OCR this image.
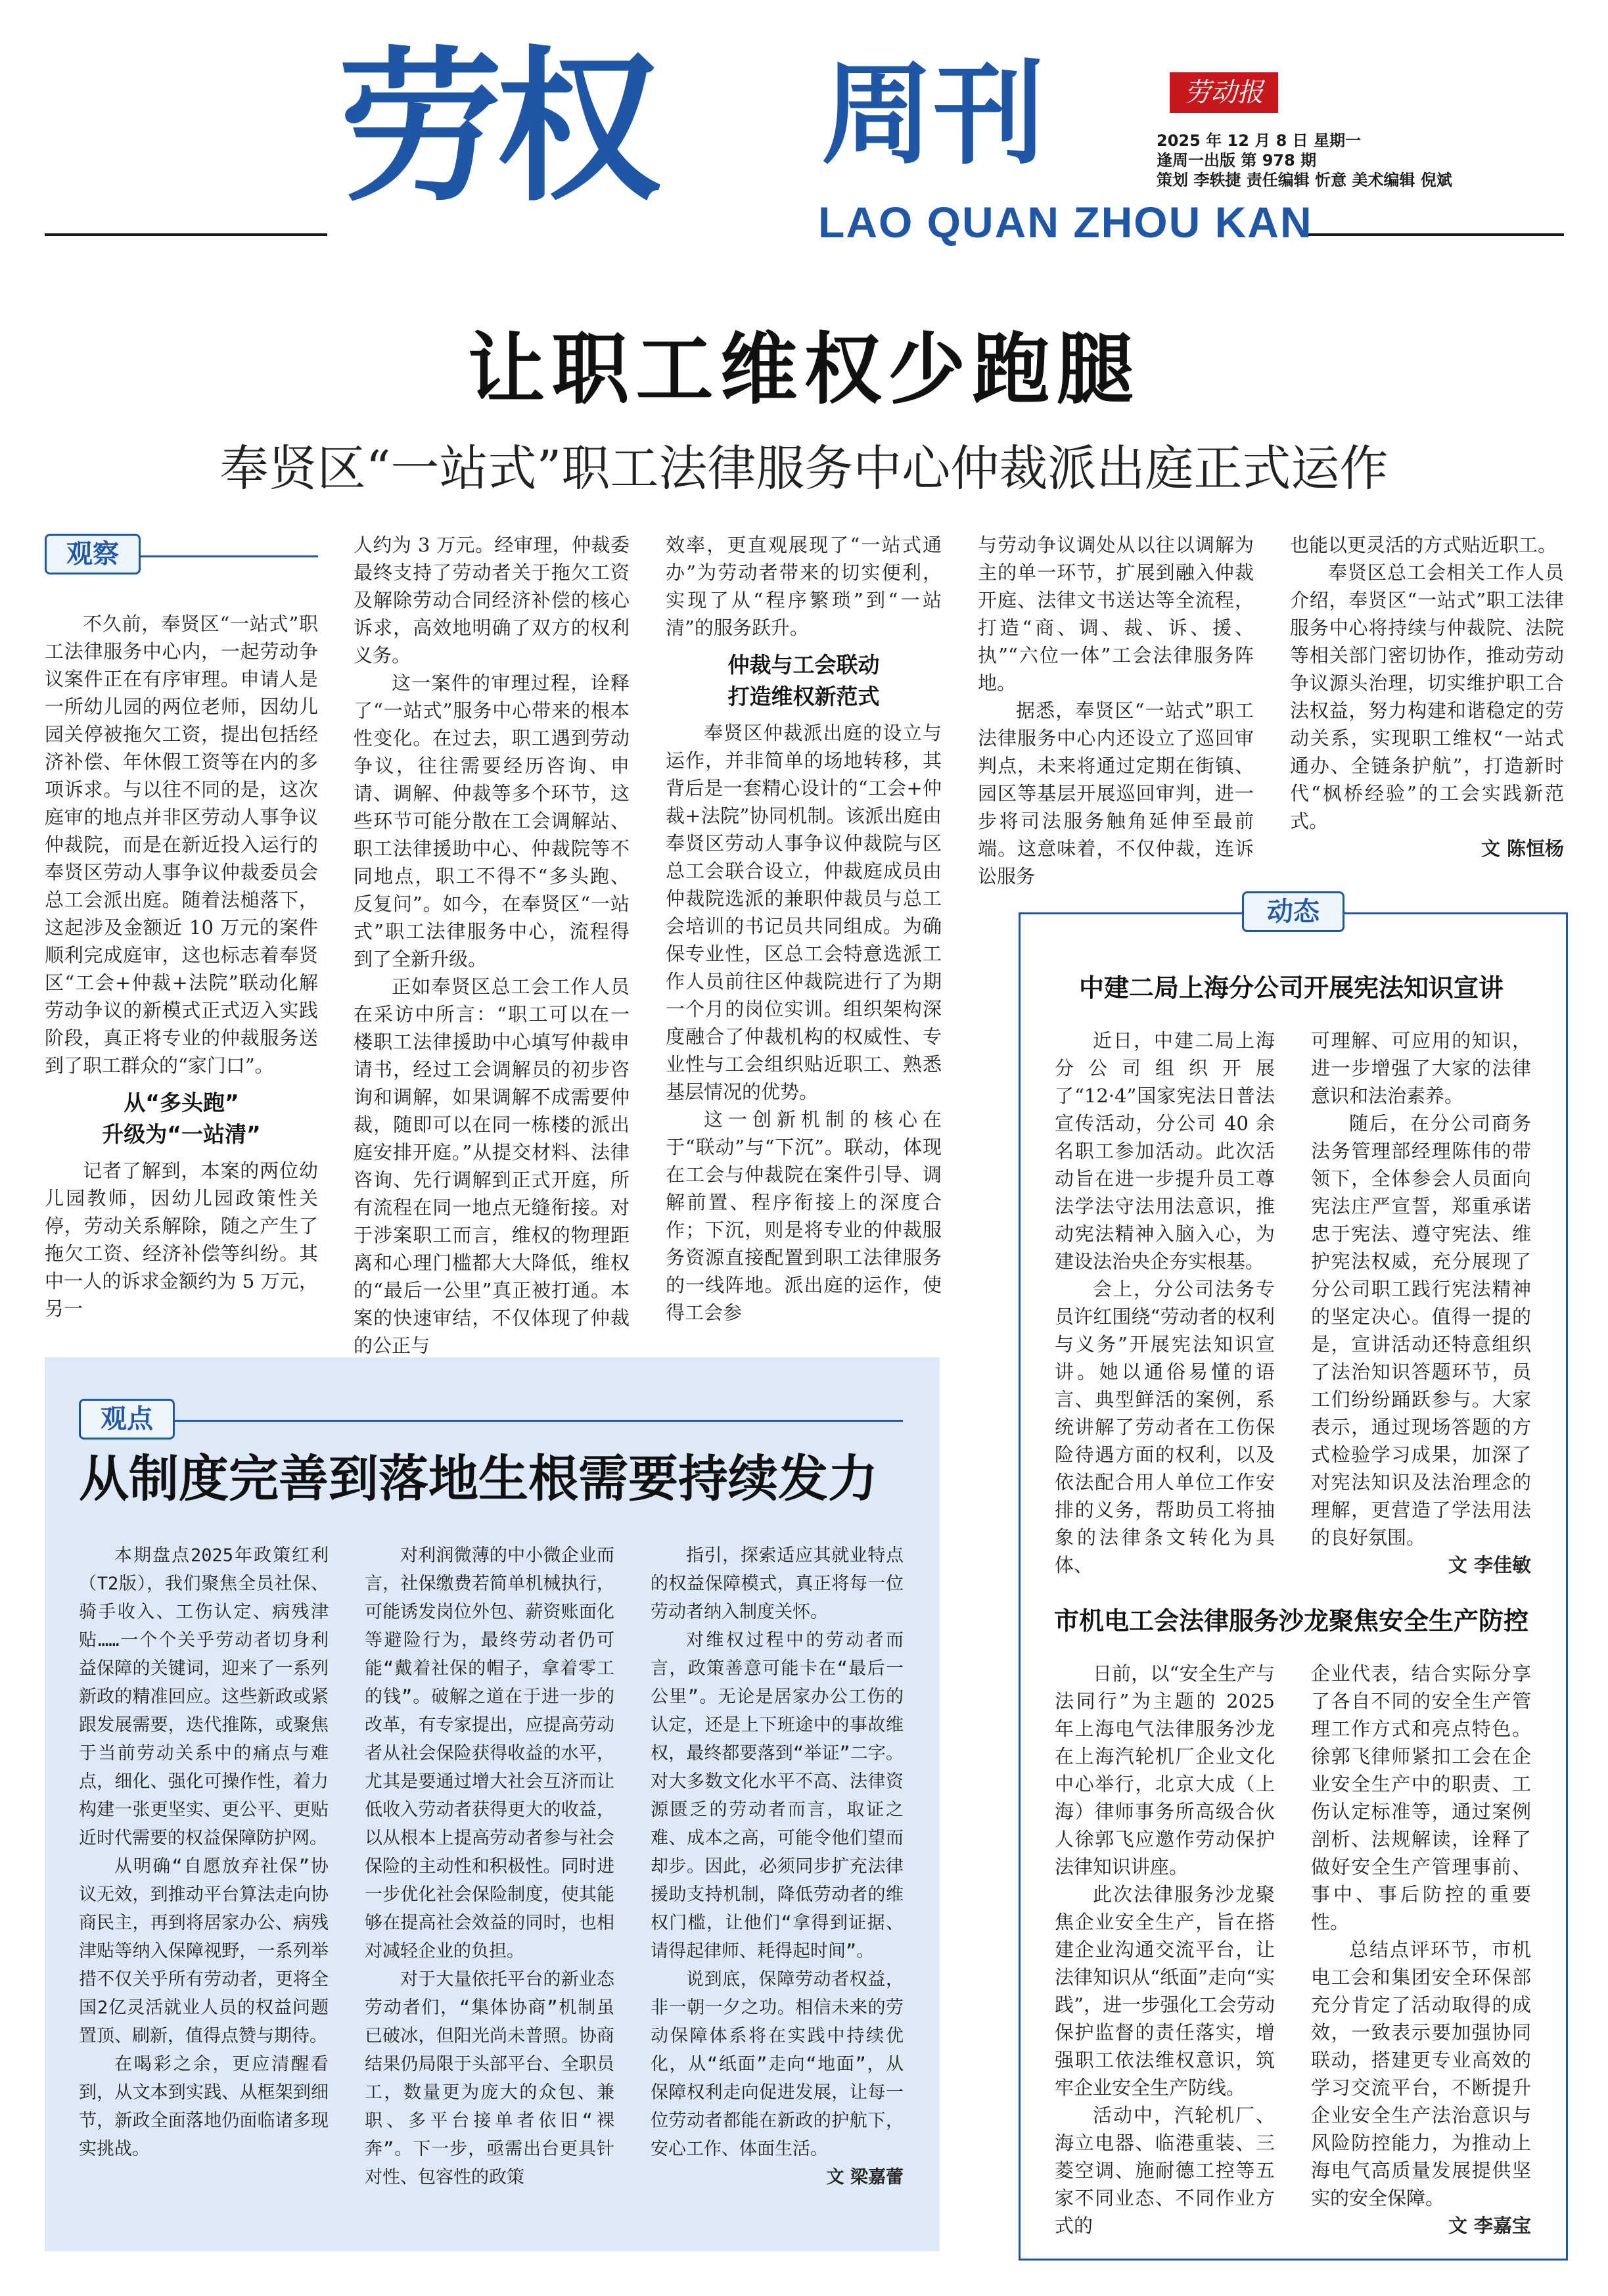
劳权 周刊
LAO QUAN ZHOU KAN
劳动报
2025 年 12 月 8 日 星期一
逢周一出版 第 978 期
策划 李轶捷 责任编辑 忻意 美术编辑 倪斌
让职工维权少跑腿
奉贤区“一站式”职工法律服务中心仲裁派出庭正式运作
观察

不久前，奉贤区“一站式”职工法律服务中心内，一起劳动争议案件正在有序审理。申请人是一所幼儿园的两位老师，因幼儿园关停被拖欠工资，提出包括经济补偿、年休假工资等在内的多项诉求。与以往不同的是，这次庭审的地点并非区劳动人事争议仲裁院，而是在新近投入运行的奉贤区劳动人事争议仲裁委员会总工会派出庭。随着法槌落下，这起涉及金额近 10 万元的案件顺利完成庭审，这也标志着奉贤区“工会+仲裁+法院”联动化解劳动争议的新模式正式迈入实践阶段，真正将专业的仲裁服务送到了职工群众的“家门口”。

从“多头跑”
升级为“一站清”

记者了解到，本案的两位幼儿园教师，因幼儿园政策性关停，劳动关系解除，随之产生了拖欠工资、经济补偿等纠纷。其中一人的诉求金额约为 5 万元，另一

人约为 3 万元。经审理，仲裁委最终支持了劳动者关于拖欠工资及解除劳动合同经济补偿的核心诉求，高效地明确了双方的权利义务。

这一案件的审理过程，诠释了“一站式”服务中心带来的根本性变化。在过去，职工遇到劳动争议，往往需要经历咨询、申请、调解、仲裁等多个环节，这些环节可能分散在工会调解站、职工法律援助中心、仲裁院等不同地点，职工不得不“多头跑、反复问”。如今，在奉贤区“一站式”职工法律服务中心，流程得到了全新升级。

正如奉贤区总工会工作人员在采访中所言：“职工可以在一楼职工法律援助中心填写仲裁申请书，经过工会调解员的初步咨询和调解，如果调解不成需要仲裁，随即可以在同一栋楼的派出庭安排开庭。”从提交材料、法律咨询、先行调解到正式开庭，所有流程在同一地点无缝衔接。对于涉案职工而言，维权的物理距离和心理门槛都大大降低，维权的“最后一公里”真正被打通。本案的快速审结，不仅体现了仲裁的公正与

效率，更直观展现了“一站式通办”为劳动者带来的切实便利，实现了从“程序繁琐”到“一站清”的服务跃升。

仲裁与工会联动
打造维权新范式

奉贤区仲裁派出庭的设立与运作，并非简单的场地转移，其背后是一套精心设计的“工会+仲裁+法院”协同机制。该派出庭由奉贤区劳动人事争议仲裁院与区总工会联合设立，仲裁庭成员由仲裁院选派的兼职仲裁员与总工会培训的书记员共同组成。为确保专业性，区总工会特意选派工作人员前往区仲裁院进行了为期一个月的岗位实训。组织架构深度融合了仲裁机构的权威性、专业性与工会组织贴近职工、熟悉基层情况的优势。

这一创新机制的核心在于“联动”与“下沉”。联动，体现在工会与仲裁院在案件引导、调解前置、程序衔接上的深度合作；下沉，则是将专业的仲裁服务资源直接配置到职工法律服务的一线阵地。派出庭的运作，使得工会参

与劳动争议调处从以往以调解为主的单一环节，扩展到融入仲裁开庭、法律文书送达等全流程，打造“商、调、裁、诉、援、执”“六位一体”工会法律服务阵地。

据悉，奉贤区“一站式”职工法律服务中心内还设立了巡回审判点，未来将通过定期在街镇、园区等基层开展巡回审判，进一步将司法服务触角延伸至最前端。这意味着，不仅仲裁，连诉讼服务

也能以更灵活的方式贴近职工。

奉贤区总工会相关工作人员介绍，奉贤区“一站式”职工法律服务中心将持续与仲裁院、法院等相关部门密切协作，推动劳动争议源头治理，切实维护职工合法权益，努力构建和谐稳定的劳动关系，实现职工维权“一站式通办、全链条护航”，打造新时代“枫桥经验”的工会实践新范式。

文 陈恒杨
观点
从制度完善到落地生根需要持续发力

本期盘点2025年政策红利（T2版），我们聚焦全员社保、骑手收入、工伤认定、病残津贴……一个个关乎劳动者切身利益保障的关键词，迎来了一系列新政的精准回应。这些新政或紧跟发展需要，迭代推陈，或聚焦于当前劳动关系中的痛点与难点，细化、强化可操作性，着力构建一张更坚实、更公平、更贴近时代需要的权益保障防护网。

从明确“自愿放弃社保”协议无效，到推动平台算法走向协商民主，再到将居家办公、病残津贴等纳入保障视野，一系列举措不仅关乎所有劳动者，更将全国2亿灵活就业人员的权益问题置顶、刷新，值得点赞与期待。

在喝彩之余，更应清醒看到，从文本到实践、从框架到细节，新政全面落地仍面临诸多现实挑战。

对利润微薄的中小微企业而言，社保缴费若简单机械执行，可能诱发岗位外包、薪资账面化等避险行为，最终劳动者仍可能“戴着社保的帽子，拿着零工的钱”。破解之道在于进一步的改革，有专家提出，应提高劳动者从社会保险获得收益的水平，尤其是要通过增大社会互济而让低收入劳动者获得更大的收益，以从根本上提高劳动者参与社会保险的主动性和积极性。同时进一步优化社会保险制度，使其能够在提高社会效益的同时，也相对减轻企业的负担。

对于大量依托平台的新业态劳动者们，“集体协商”机制虽已破冰，但阳光尚未普照。协商结果仍局限于头部平台、全职员工，数量更为庞大的众包、兼职、多平台接单者依旧“裸奔”。下一步，亟需出台更具针对性、包容性的政策

指引，探索适应其就业特点的权益保障模式，真正将每一位劳动者纳入制度关怀。

对维权过程中的劳动者而言，政策善意可能卡在“最后一公里”。无论是居家办公工伤的认定，还是上下班途中的事故维权，最终都要落到“举证”二字。对大多数文化水平不高、法律资源匮乏的劳动者而言，取证之难、成本之高，可能令他们望而却步。因此，必须同步扩充法律援助支持机制，降低劳动者的维权门槛，让他们“拿得到证据、请得起律师、耗得起时间”。

说到底，保障劳动者权益，非一朝一夕之功。相信未来的劳动保障体系将在实践中持续优化，从“纸面”走向“地面”，从保障权利走向促进发展，让每一位劳动者都能在新政的护航下，安心工作、体面生活。

文 梁嘉蕾
动态
中建二局上海分公司开展宪法知识宣讲

近日，中建二局上海分公司组织开展了“12·4”国家宪法日普法宣传活动，分公司 40 余名职工参加活动。此次活动旨在进一步提升员工尊法学法守法用法意识，推动宪法精神入脑入心，为建设法治央企夯实根基。

会上，分公司法务专员许红围绕“劳动者的权利与义务”开展宪法知识宣讲。她以通俗易懂的语言、典型鲜活的案例，系统讲解了劳动者在工伤保险待遇方面的权利，以及依法配合用人单位工作安排的义务，帮助员工将抽象的法律条文转化为具体、

可理解、可应用的知识，进一步增强了大家的法律意识和法治素养。

随后，在分公司商务法务管理部经理陈伟的带领下，全体参会人员面向宪法庄严宣誓，郑重承诺忠于宪法、遵守宪法、维护宪法权威，充分展现了分公司职工践行宪法精神的坚定决心。值得一提的是，宣讲活动还特意组织了法治知识答题环节，员工们纷纷踊跃参与。大家表示，通过现场答题的方式检验学习成果，加深了对宪法知识及法治理念的理解，更营造了学法用法的良好氛围。

文 李佳敏
市机电工会法律服务沙龙聚焦安全生产防控

日前，以“安全生产与法同行”为主题的 2025 年上海电气法律服务沙龙在上海汽轮机厂企业文化中心举行，北京大成（上海）律师事务所高级合伙人徐郭飞应邀作劳动保护法律知识讲座。

此次法律服务沙龙聚焦企业安全生产，旨在搭建企业沟通交流平台，让法律知识从“纸面”走向“实践”，进一步强化工会劳动保护监督的责任落实，增强职工依法维权意识，筑牢企业安全生产防线。

活动中，汽轮机厂、海立电器、临港重装、三菱空调、施耐德工控等五家不同业态、不同作业方式的

企业代表，结合实际分享了各自不同的安全生产管理工作方式和亮点特色。徐郭飞律师紧扣工会在企业安全生产中的职责、工伤认定标准等，通过案例剖析、法规解读，诠释了做好安全生产管理事前、事中、事后防控的重要性。

总结点评环节，市机电工会和集团安全环保部充分肯定了活动取得的成效，一致表示要加强协同联动，搭建更专业高效的学习交流平台，不断提升企业安全生产法治意识与风险防控能力，为推动上海电气高质量发展提供坚实的安全保障。

文 李嘉宝
